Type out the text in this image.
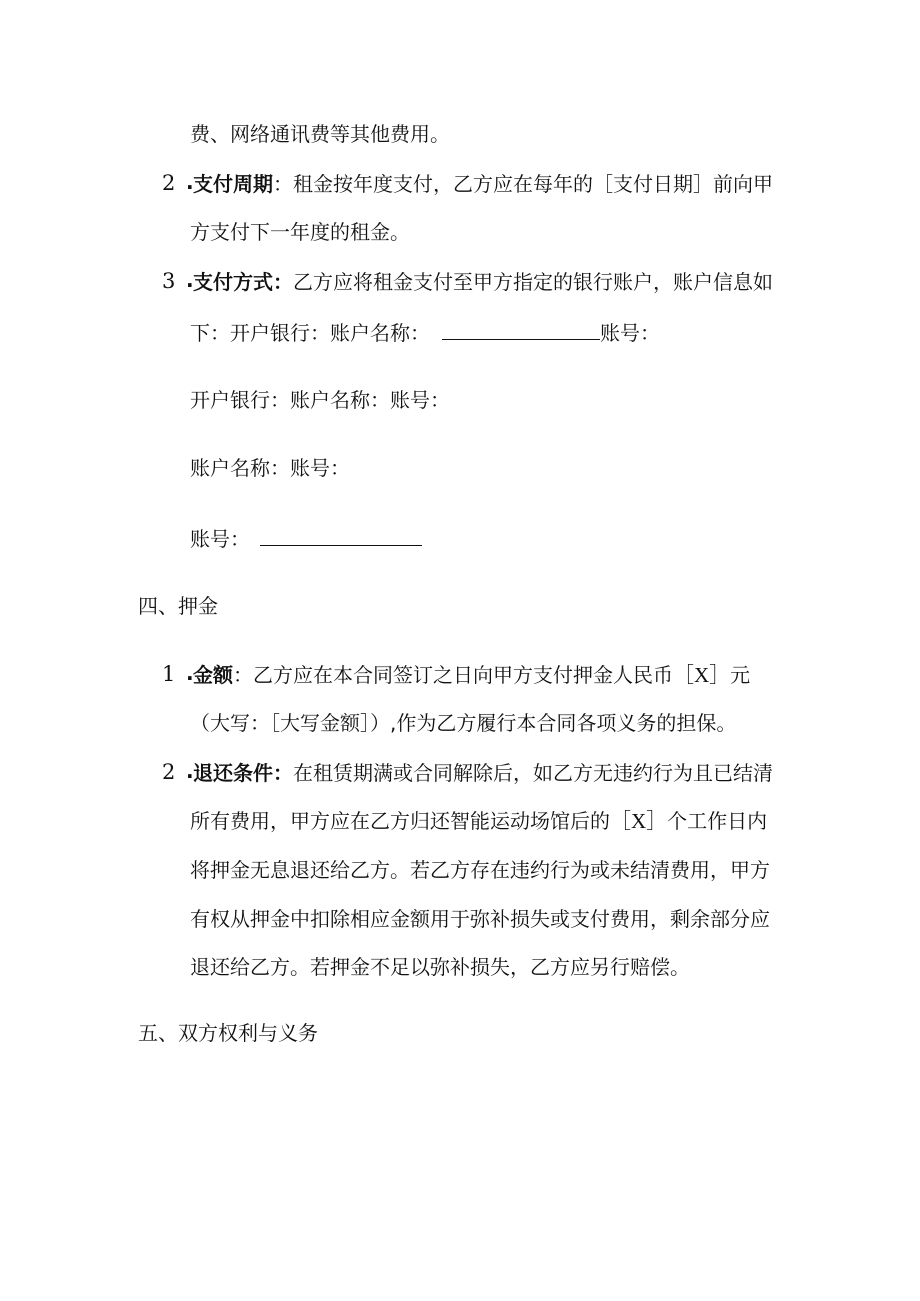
费、网络通讯费等其他费用。
2 . 支付周期：租金按年度支付，乙方应在每年的［支付日期］前向甲
方支付下一年度的租金。
3 . 支付方式：乙方应将租金支付至甲方指定的银行账户，账户信息如
下：开户银行：账户名称：	账号：
开户银行：账户名称：账号：
账户名称：账号：
账号：
四、押金
1 . 金额：乙方应在本合同签订之日向甲方支付押金人民币［X］元
（大写：［大写金额］）,作为乙方履行本合同各项义务的担保。
2 . 退还条件：在租赁期满或合同解除后，如乙方无违约行为且已结清
所有费用，甲方应在乙方归还智能运动场馆后的［X］个工作日内
将押金无息退还给乙方。若乙方存在违约行为或未结清费用，甲方
有权从押金中扣除相应金额用于弥补损失或支付费用，剩余部分应
退还给乙方。若押金不足以弥补损失，乙方应另行赔偿。
五、双方权利与义务
